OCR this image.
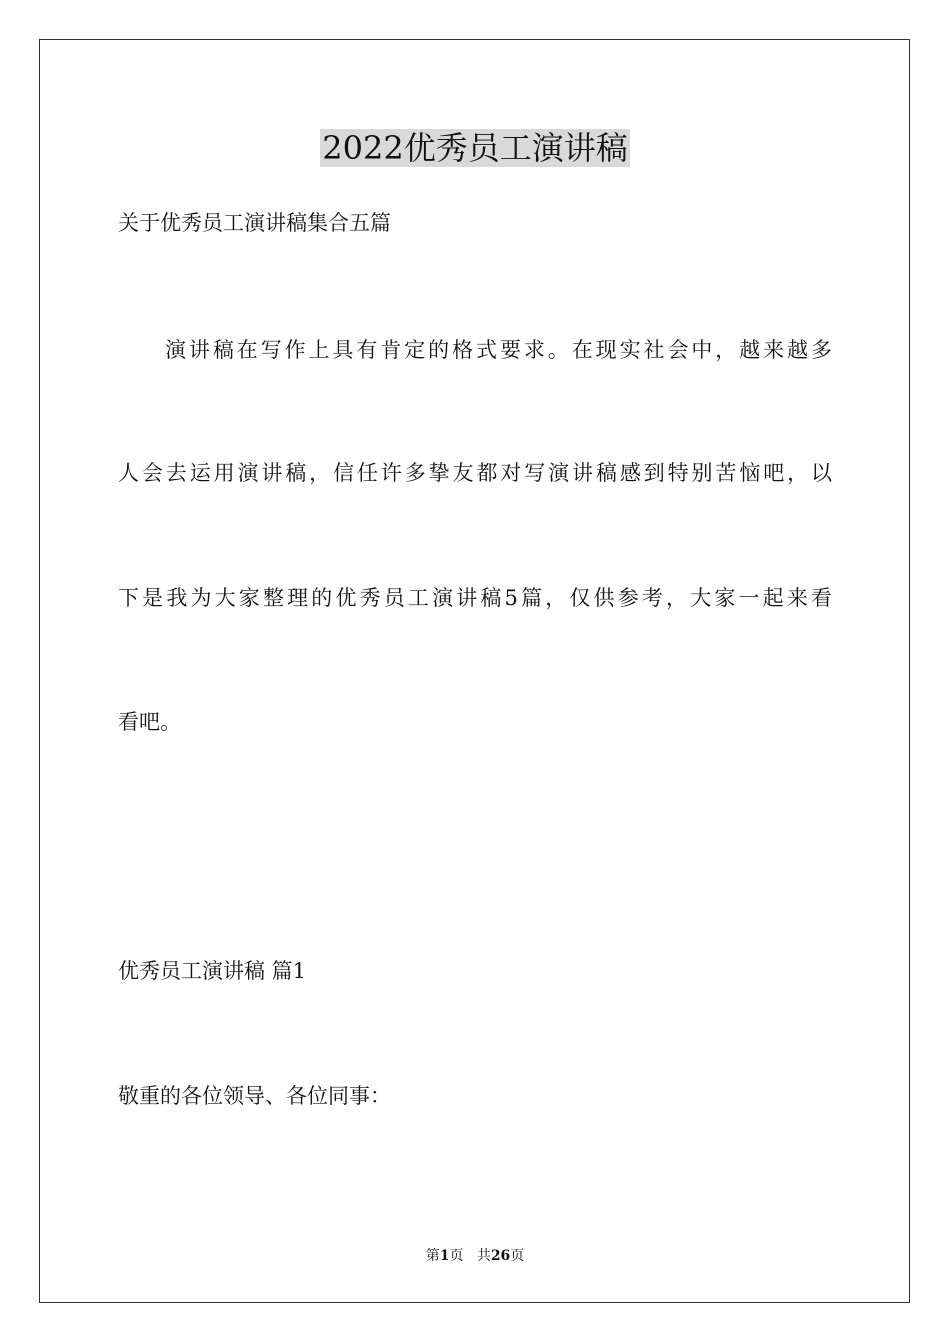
2022优秀员工演讲稿

关于优秀员工演讲稿集合五篇

演讲稿在写作上具有肯定的格式要求。在现实社会中，越来越多

人会去运用演讲稿，信任许多挚友都对写演讲稿感到特别苦恼吧，以

下是我为大家整理的优秀员工演讲稿5篇，仅供参考，大家一起来看

看吧。

优秀员工演讲稿 篇1

敬重的各位领导、各位同事：

第1页 共26页
